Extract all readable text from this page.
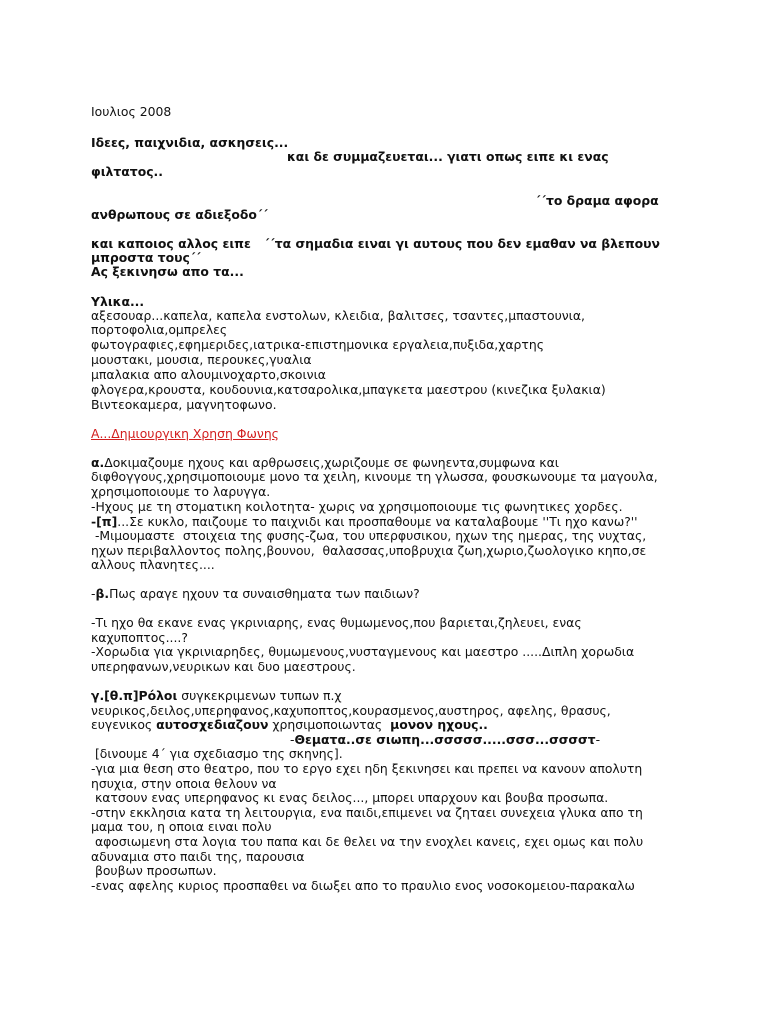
Ιουλιος 2008
Ιδεες, παιχνιδια, ασκησεις...
και δε συμμαζευεται... γιατι οπως ειπε κι ενας
φιλτατος..
΄΄το δραμα αφορα
ανθρωπους σε αδιεξοδο΄΄
και καποιος αλλος ειπε   ΄΄τα σημαδια ειναι γι αυτους που δεν εμαθαν να βλεπουν
μπροστα τους΄΄
Ας ξεκινησω απο τα...
Υλικα...
αξεσουαρ...καπελα, καπελα ενστολων, κλειδια, βαλιτσες, τσαντες,μπαστουνια,
πορτοφολια,ομπρελες
φωτογραφιες,εφημεριδες,ιατρικα-επιστημονικα εργαλεια,πυξιδα,χαρτης
μουστακι, μουσια, περουκες,γυαλια
μπαλακια απο αλουμινοχαρτο,σκοινια
φλογερα,κρουστα, κουδουνια,κατσαρολικα,μπαγκετα μαεστρου (κινεζικα ξυλακια)
Βιντεοκαμερα, μαγνητοφωνο.
Α...Δημιουργικη Χρηση Φωνης
α.Δοκιμαζουμε ηχους και αρθρωσεις,χωριζουμε σε φωνηεντα,συμφωνα και
διφθογγους,χρησιμοποιουμε μονο τα χειλη, κινουμε τη γλωσσα, φουσκωνουμε τα μαγουλα,
χρησιμοποιουμε το λαρυγγα.
-Ηχους με τη στοματικη κοιλοτητα- χωρις να χρησιμοποιουμε τις φωνητικες χορδες.
-[π]...Σε κυκλο, παιζουμε το παιχνιδι και προσπαθουμε να καταλαβουμε ''Τι ηχο κανω?''
-Μιμουμαστε  στοιχεια της φυσης-ζωα, του υπερφυσικου, ηχων της ημερας, της νυχτας,
ηχων περιβαλλοντος πολης,βουνου,  θαλασσας,υποβρυχια ζωη,χωριο,ζωολογικο κηπο,σε
αλλους πλανητες....
-β.Πως αραγε ηχουν τα συναισθηματα των παιδιων?
-Τι ηχο θα εκανε ενας γκρινιαρης, ενας θυμωμενος,που βαριεται,ζηλευει, ενας
καχυποπτος....?
-Χορωδια για γκρινιαρηδες, θυμωμενους,νυσταγμενους και μαεστρο .....Διπλη χορωδια
υπερηφανων,νευρικων και δυο μαεστρους.
γ.[θ.π]Ρόλοι συγκεκριμενων τυπων π.χ
νευρικος,δειλος,υπερηφανος,καχυποπτος,κουρασμενος,αυστηρος, αφελης, θρασυς,
ευγενικος αυτοσχεδιαζουν χρησιμοποιωντας  μονον ηχους..
-Θεματα..σε σιωπη...σσσσσ.....σσσ...σσσστ-
[δινουμε 4΄ για σχεδιασμο της σκηνης].
-για μια θεση στο θεατρο, που το εργο εχει ηδη ξεκινησει και πρεπει να κανουν απολυτη
ησυχια, στην οποια θελουν να
κατσουν ενας υπερηφανος κι ενας δειλος..., μπορει υπαρχουν και βουβα προσωπα.
-στην εκκλησια κατα τη λειτουργια, ενα παιδι,επιμενει να ζηταει συνεχεια γλυκα απο τη
μαμα του, η οποια ειναι πολυ
αφοσιωμενη στα λογια του παπα και δε θελει να την ενοχλει κανεις, εχει ομως και πολυ
αδυναμια στο παιδι της, παρουσια
βουβων προσωπων.
-ενας αφελης κυριος προσπαθει να διωξει απο το πραυλιο ενος νοσοκομειου-παρακαλω
